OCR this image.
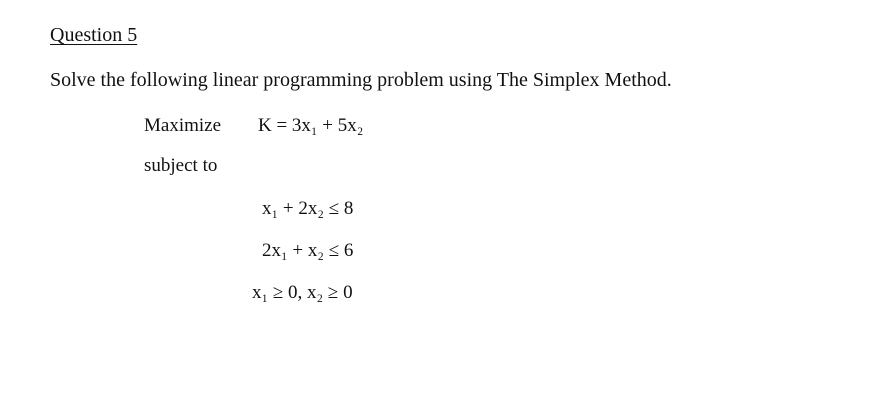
Question 5
Solve the following linear programming problem using The Simplex Method.
Maximize K = 3x₁ + 5x₂
subject to
x₁ + 2x₂ ≤ 8
2x₁ + x₂ ≤ 6
x₁ ≥ 0, x₂ ≥ 0
